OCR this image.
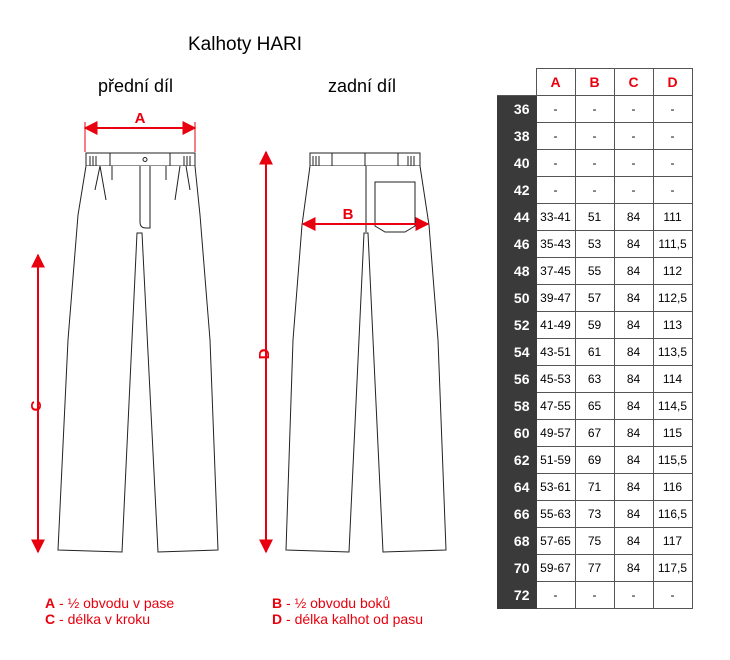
Kalhoty HARI
přední díl	zadní díl
A
C
B
D
A - ½ obvodu v pase
C - délka v kroku
B - ½ obvodu boků
D - délka kalhot od pasu
	A	B	C	D
36	-	-	-	-
38	-	-	-	-
40	-	-	-	-
42	-	-	-	-
44	33-41	51	84	111
46	35-43	53	84	111,5
48	37-45	55	84	112
50	39-47	57	84	112,5
52	41-49	59	84	113
54	43-51	61	84	113,5
56	45-53	63	84	114
58	47-55	65	84	114,5
60	49-57	67	84	115
62	51-59	69	84	115,5
64	53-61	71	84	116
66	55-63	73	84	116,5
68	57-65	75	84	117
70	59-67	77	84	117,5
72	-	-	-	-
